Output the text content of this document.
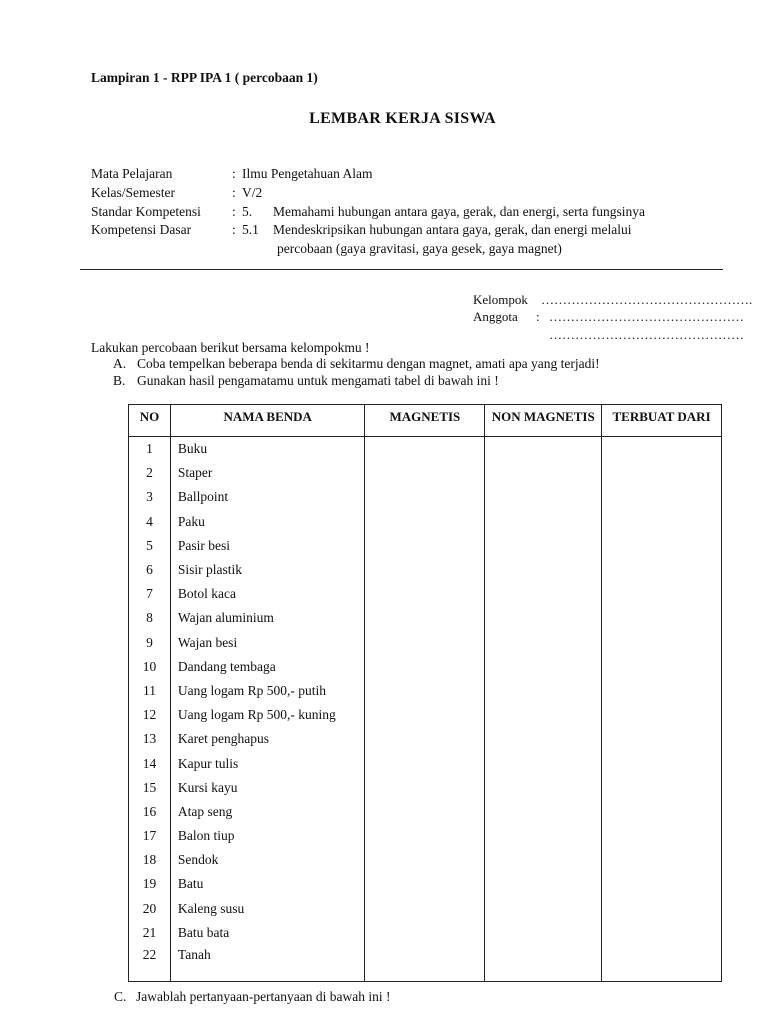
Lampiran 1 - RPP IPA 1 ( percobaan 1)
LEMBAR KERJA SISWA
Mata Pelajaran	: Ilmu Pengetahuan Alam
Kelas/Semester	: V/2
Standar Kompetensi : 5. Memahami hubungan antara gaya, gerak, dan energi, serta fungsinya
Kompetensi Dasar	: 5.1 Mendeskripsikan hubungan antara gaya, gerak, dan energi melalui
percobaan (gaya gravitasi, gaya gesek, gaya magnet)
Kelompok ………………………………………….
Anggota : ………………………………………
………………………………………
Lakukan percobaan berikut bersama kelompokmu !
A. Coba tempelkan beberapa benda di sekitarmu dengan magnet, amati apa yang terjadi!
B. Gunakan hasil pengamatamu untuk mengamati tabel di bawah ini !
NO	NAMA BENDA	MAGNETIS	NON MAGNETIS	TERBUAT DARI
1	Buku			
2	Staper			
3	Ballpoint			
4	Paku			
5	Pasir besi			
6	Sisir plastik			
7	Botol kaca			
8	Wajan aluminium			
9	Wajan besi			
10	Dandang tembaga			
11	Uang logam Rp 500,- putih			
12	Uang logam Rp 500,- kuning			
13	Karet penghapus			
14	Kapur tulis			
15	Kursi kayu			
16	Atap seng			
17	Balon tiup			
18	Sendok			
19	Batu			
20	Kaleng susu			
21	Batu bata			
22	Tanah			
C. Jawablah pertanyaan-pertanyaan di bawah ini !
